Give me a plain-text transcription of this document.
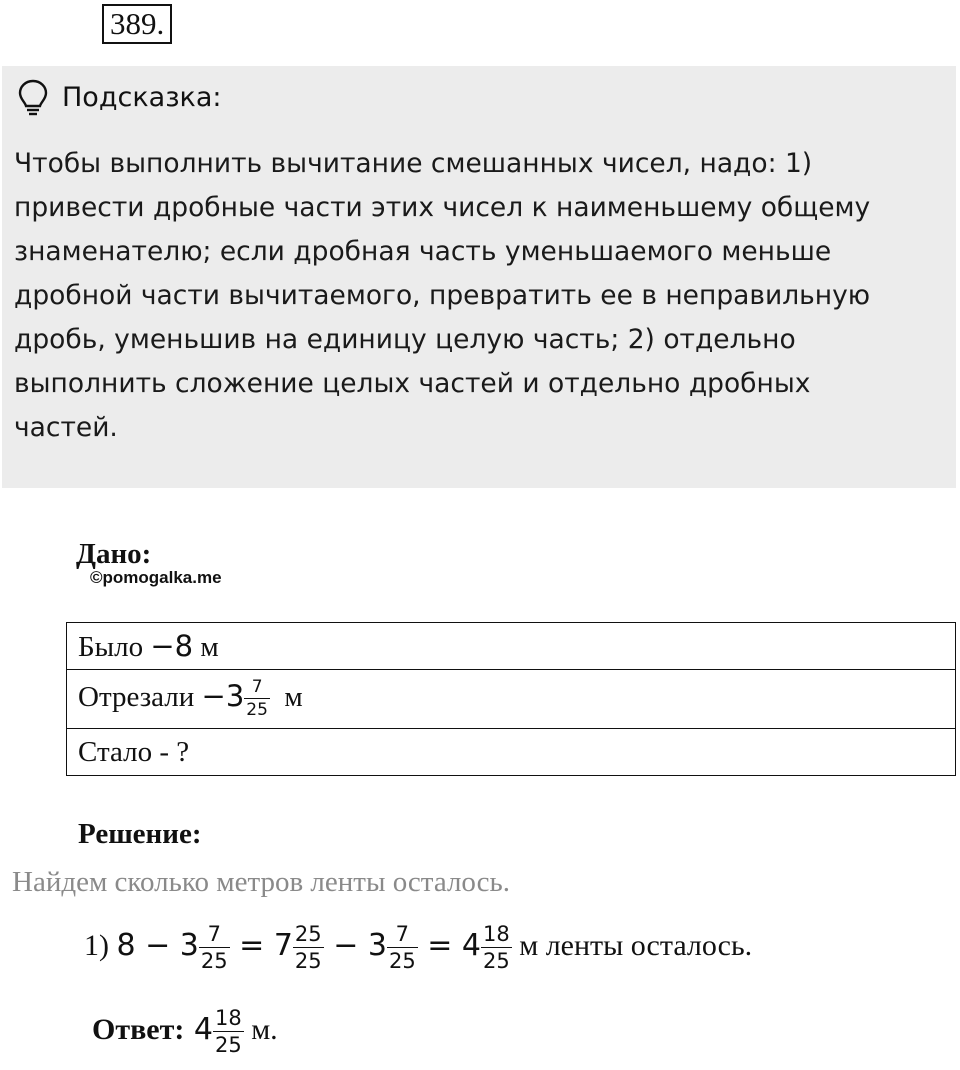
389.
Подсказка:
Чтобы выполнить вычитание смешанных чисел, надо: 1)
привести дробные части этих чисел к наименьшему общему
знаменателю; если дробная часть уменьшаемого меньше
дробной части вычитаемого, превратить ее в неправильную
дробь, уменьшив на единицу целую часть; 2) отдельно
выполнить сложение целых частей и отдельно дробных
частей.
Дано:
©pomogalka.me
Было −8 м
Отрезали $-3 \frac{7}{25}$ м
Стало - ?
Решение:
Найдем сколько метров ленты осталось.
1) $8 - 3 \frac{7}{25} = 7 \frac{25}{25} - 3 \frac{7}{25} = 4 \frac{18}{25}$ м ленты осталось.
Ответ: $4 \frac{18}{25} м$.
